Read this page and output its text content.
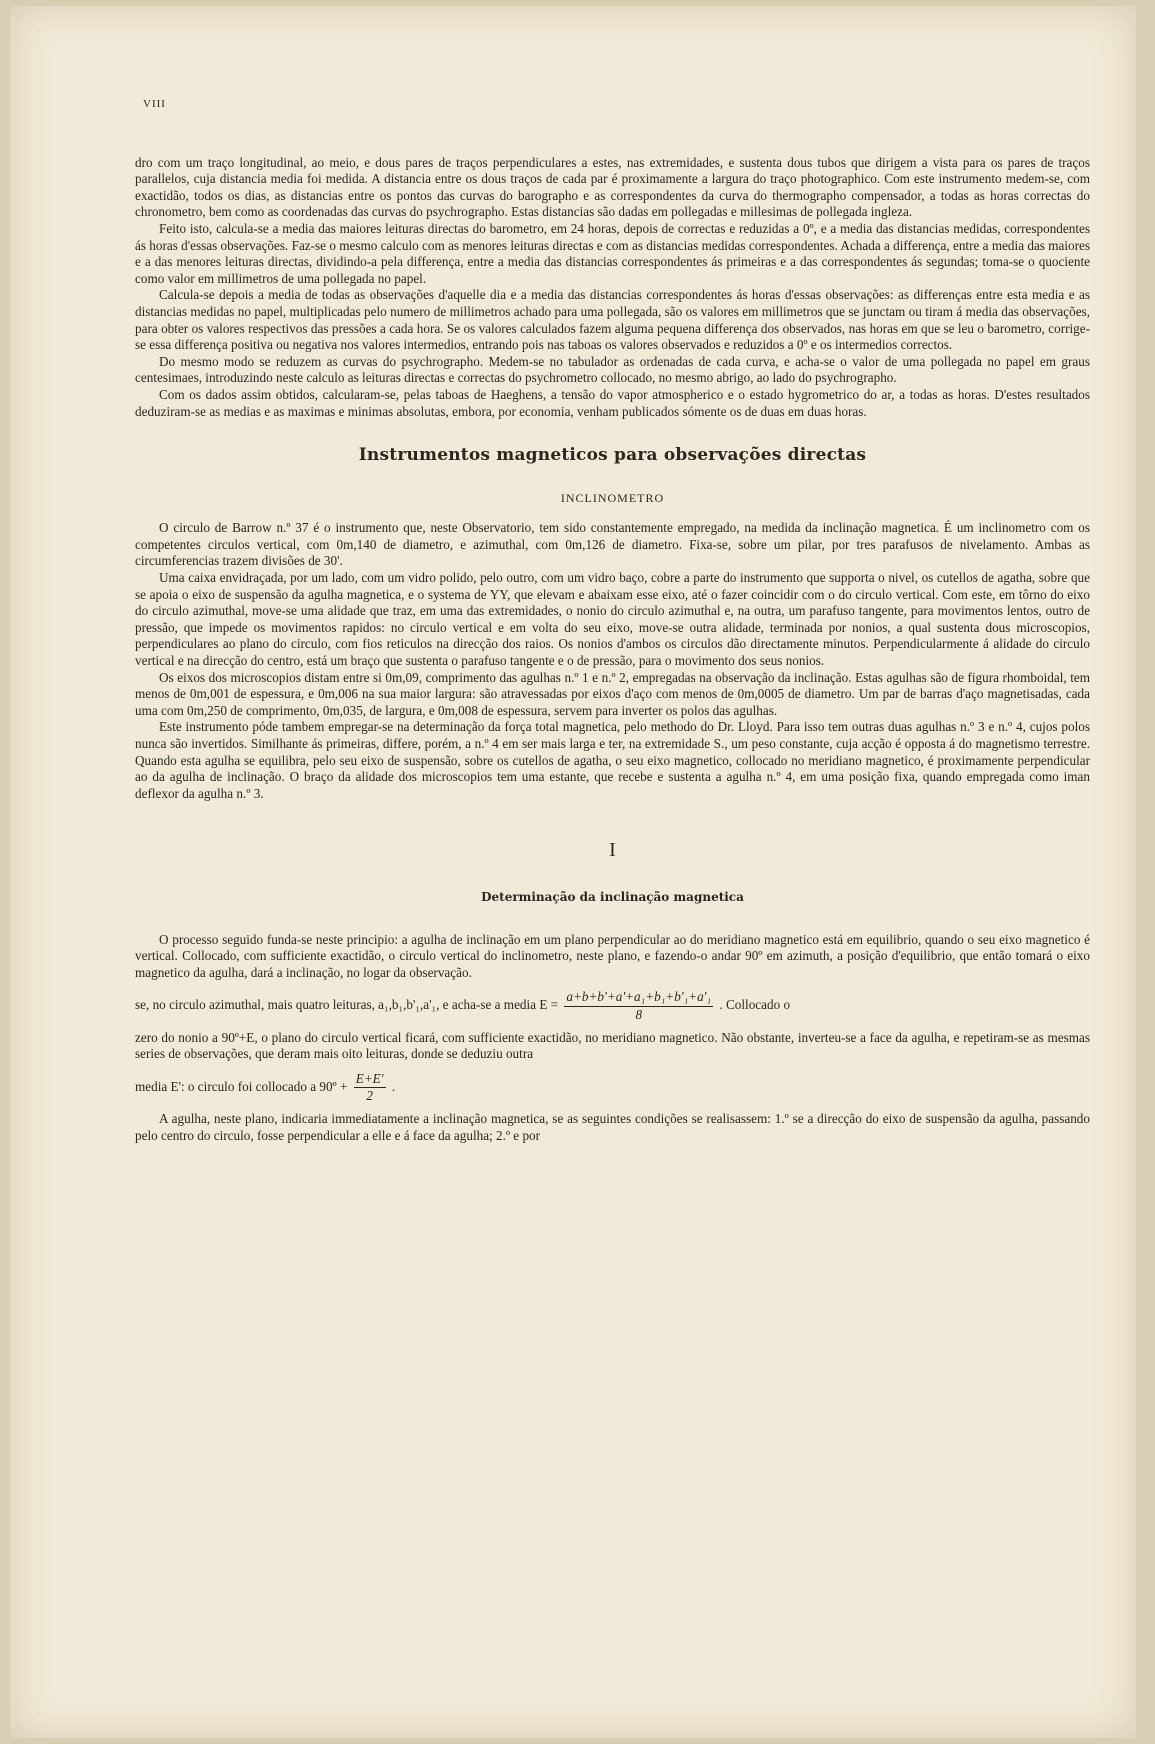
VIII

dro com um traço longitudinal, ao meio, e dous pares de traços perpendiculares a estes, nas extremidades, e sustenta dous tubos que dirigem a vista para os pares de traços parallelos, cuja distancia media foi medida. A distancia entre os dous traços de cada par é proximamente a largura do traço photographico. Com este instrumento medem-se, com exactidão, todos os dias, as distancias entre os pontos das curvas do barographo e as correspondentes da curva do thermographo compensador, a todas as horas correctas do chronometro, bem como as coordenadas das curvas do psychrographo. Estas distancias são dadas em pollegadas e millesimas de pollegada ingleza.

Feito isto, calcula-se a media das maiores leituras directas do barometro, em 24 horas, depois de correctas e reduzidas a 0º, e a media das distancias medidas, correspondentes ás horas d'essas observações. Faz-se o mesmo calculo com as menores leituras directas e com as distancias medidas correspondentes. Achada a differença, entre a media das maiores e a das menores leituras directas, dividindo-a pela differença, entre a media das distancias correspondentes ás primeiras e a das correspondentes ás segundas; toma-se o quociente como valor em millimetros de uma pollegada no papel.

Calcula-se depois a media de todas as observações d'aquelle dia e a media das distancias correspondentes ás horas d'essas observações: as differenças entre esta media e as distancias medidas no papel, multiplicadas pelo numero de millimetros achado para uma pollegada, são os valores em millimetros que se junctam ou tiram á media das observações, para obter os valores respectivos das pressões a cada hora. Se os valores calculados fazem alguma pequena differença dos observados, nas horas em que se leu o barometro, corrige-se essa differença positiva ou negativa nos valores intermedios, entrando pois nas taboas os valores observados e reduzidos a 0º e os intermedios correctos.

Do mesmo modo se reduzem as curvas do psychrographo. Medem-se no tabulador as ordenadas de cada curva, e acha-se o valor de uma pollegada no papel em graus centesimaes, introduzindo neste calculo as leituras directas e correctas do psychrometro collocado, no mesmo abrigo, ao lado do psychrographo.

Com os dados assim obtidos, calcularam-se, pelas taboas de Haeghens, a tensão do vapor atmospherico e o estado hygrometrico do ar, a todas as horas. D'estes resultados deduziram-se as medias e as maximas e minimas absolutas, embora, por economia, venham publicados sómente os de duas em duas horas.

Instrumentos magneticos para observações directas
INCLINOMETRO

O circulo de Barrow n.º 37 é o instrumento que, neste Observatorio, tem sido constantemente empregado, na medida da inclinação magnetica. É um inclinometro com os competentes circulos vertical, com 0m,140 de diametro, e azimuthal, com 0m,126 de diametro. Fixa-se, sobre um pilar, por tres parafusos de nivelamento. Ambas as circumferencias trazem divisões de 30'.

Uma caixa envidraçada, por um lado, com um vidro polido, pelo outro, com um vidro baço, cobre a parte do instrumento que supporta o nivel, os cutellos de agatha, sobre que se apoia o eixo de suspensão da agulha magnetica, e o systema de YY, que elevam e abaixam esse eixo, até o fazer coincidir com o do circulo vertical. Com este, em tôrno do eixo do circulo azimuthal, move-se uma alidade que traz, em uma das extremidades, o nonio do circulo azimuthal e, na outra, um parafuso tangente, para movimentos lentos, outro de pressão, que impede os movimentos rapidos: no circulo vertical e em volta do seu eixo, move-se outra alidade, terminada por nonios, a qual sustenta dous microscopios, perpendiculares ao plano do circulo, com fios reticulos na direcção dos raios. Os nonios d'ambos os circulos dão directamente minutos. Perpendicularmente á alidade do circulo vertical e na direcção do centro, está um braço que sustenta o parafuso tangente e o de pressão, para o movimento dos seus nonios.

Os eixos dos microscopios distam entre si 0m,09, comprimento das agulhas n.º 1 e n.º 2, empregadas na observação da inclinação. Estas agulhas são de figura rhomboidal, tem menos de 0m,001 de espessura, e 0m,006 na sua maior largura: são atravessadas por eixos d'aço com menos de 0m,0005 de diametro. Um par de barras d'aço magnetisadas, cada uma com 0m,250 de comprimento, 0m,035, de largura, e 0m,008 de espessura, servem para inverter os polos das agulhas.

Este instrumento póde tambem empregar-se na determinação da força total magnetica, pelo methodo do Dr. Lloyd. Para isso tem outras duas agulhas n.º 3 e n.º 4, cujos polos nunca são invertidos. Similhante ás primeiras, differe, porém, a n.º 4 em ser mais larga e ter, na extremidade S., um peso constante, cuja acção é opposta á do magnetismo terrestre. Quando esta agulha se equilibra, pelo seu eixo de suspensão, sobre os cutellos de agatha, o seu eixo magnetico, collocado no meridiano magnetico, é proximamente perpendicular ao da agulha de inclinação. O braço da alidade dos microscopios tem uma estante, que recebe e sustenta a agulha n.º 4, em uma posição fixa, quando empregada como iman deflexor da agulha n.º 3.

I
Determinação da inclinação magnetica

O processo seguido funda-se neste principio: a agulha de inclinação em um plano perpendicular ao do meridiano magnetico está em equilibrio, quando o seu eixo magnetico é vertical. Collocado, com sufficiente exactidão, o circulo vertical do inclinometro, neste plano, e fazendo-o andar 90º em azimuth, a posição d'equilibrio, que então tomará o eixo magnetico da agulha, dará a inclinação, no logar da observação.

se, no circulo azimuthal, mais quatro leituras, a₁,b₁,b'₁,a'₁, e acha-se a media $E = \frac{\text{a+b+b'+a'+a₁+b₁+b'₁+a'₁}}{8}$ . Collocado o

zero do nonio a 90º+E, o plano do circulo vertical ficará, com sufficiente exactidão, no meridiano magnetico. Não obstante, inverteu-se a face da agulha, e repetiram-se as mesmas series de observações, que deram mais oito leituras, donde se deduziu outra

media E': o circulo foi collocado a 90º + $\frac{E+E'}{2}$ .

A agulha, neste plano, indicaria immediatamente a inclinação magnetica, se as seguintes condições se realisassem: 1.º se a direcção do eixo de suspensão da agulha, passando pelo centro do circulo, fosse perpendicular a elle e á face da agulha; 2.º e por
